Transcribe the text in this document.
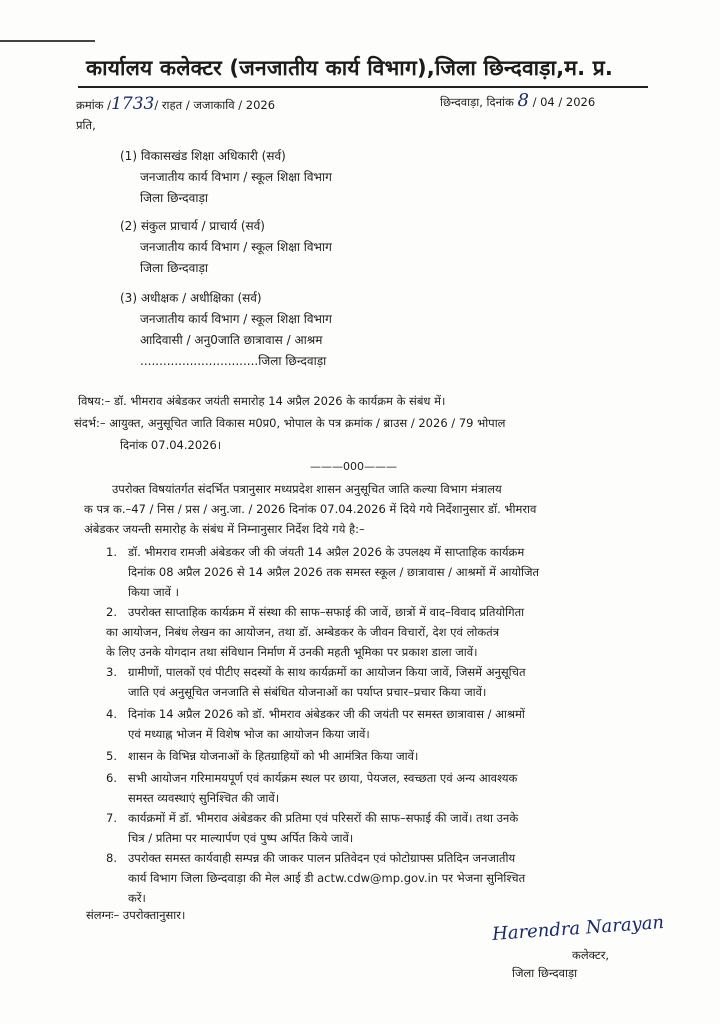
कार्यालय कलेक्टर (जनजातीय कार्य विभाग),जिला छिन्दवाड़ा,म. प्र.
क्रमांक /1733/ राहत / जजाकावि / 2026	छिन्दवाड़ा, दिनांक 8 / 04 / 2026
प्रति,
(1) विकासखंड शिक्षा अधिकारी (सर्व)
जनजातीय कार्य विभाग / स्कूल शिक्षा विभाग
जिला छिन्दवाड़ा
(2) संकुल प्राचार्य / प्राचार्य (सर्व)
जनजातीय कार्य विभाग / स्कूल शिक्षा विभाग
जिला छिन्दवाड़ा
(3) अधीक्षक / अधीक्षिका (सर्व)
जनजातीय कार्य विभाग / स्कूल शिक्षा विभाग
आदिवासी / अनु0जाति छात्रावास / आश्रम
...............................जिला छिन्दवाड़ा
विषय:– डॉ. भीमराव अंबेडकर जयंती समारोह 14 अप्रैल 2026 के कार्यक्रम के संबंध में।
संदर्भ:– आयुक्त, अनुसूचित जाति विकास म0प्र0, भोपाल के पत्र क्रमांक / ब्राउस / 2026 / 79 भोपाल
दिनांक 07.04.2026।
———000———
उपरोक्त विषयांतर्गत संदर्भित पत्रानुसार मध्यप्रदेश शासन अनुसूचित जाति कल्या विभाग मंत्रालय
क पत्र क.–47 / निस / प्रस / अनु.जा. / 2026 दिनांक 07.04.2026 में दिये गये निर्देशानुसार डॉ. भीमराव
अंबेडकर जयन्ती समारोह के संबंध में निम्नानुसार निर्देश दिये गये है:–
1. डॉ. भीमराव रामजी अंबेडकर जी की जंयती 14 अप्रैल 2026 के उपलक्ष्य में साप्ताहिक कार्यक्रम
दिनांक 08 अप्रैल 2026 से 14 अप्रैल 2026 तक समस्त स्कूल / छात्रावास / आश्रमों में आयोजित
किया जावें ।
2. उपरोक्त साप्ताहिक कार्यक्रम में संस्था की साफ–सफाई की जावें, छात्रों में वाद–विवाद प्रतियोगिता
का आयोजन, निबंध लेखन का आयोजन, तथा डॉ. अम्बेडकर के जीवन विचारों, देश एवं लोकतंत्र
के लिए उनके योगदान तथा संविधान निर्माण में उनकी महती भूमिका पर प्रकाश डाला जावें।
3. ग्रामीणों, पालकों एवं पीटीए सदस्यों के साथ कार्यक्रमों का आयोजन किया जावें, जिसमें अनुसूचित
जाति एवं अनुसूचित जनजाति से संबंधित योजनाओं का पर्याप्त प्रचार–प्रचार किया जावें।
4. दिनांक 14 अप्रैल 2026 को डॉ. भीमराव अंबेडकर जी की जयंती पर समस्त छात्रावास / आश्रमों
एवं मध्याह्न भोजन में विशेष भोज का आयोजन किया जावें।
5. शासन के विभिन्न योजनाओं के हितग्राहियों को भी आमंत्रित किया जावें।
6. सभी आयोजन गरिमामयपूर्ण एवं कार्यक्रम स्थल पर छाया, पेयजल, स्वच्छता एवं अन्य आवश्यक
समस्त व्यवस्थाएं सुनिश्चित की जावें।
7. कार्यक्रमों में डॉ. भीमराव अंबेडकर की प्रतिमा एवं परिसरों की साफ–सफाई की जावें। तथा उनके
चित्र / प्रतिमा पर माल्यार्पण एवं पुष्प अर्पित किये जावें।
8. उपरोक्त समस्त कार्यवाही सम्पन्न की जाकर पालन प्रतिवेदन एवं फोटोग्राफ्स प्रतिदिन जनजातीय
कार्य विभाग जिला छिन्दवाड़ा की मेल आई डी actw.cdw@mp.gov.in पर भेजना सुनिश्चित
करें।
संलग्नः– उपरोक्तानुसार।	Harendra Narayan
कलेक्टर,
जिला छिन्दवाड़ा
